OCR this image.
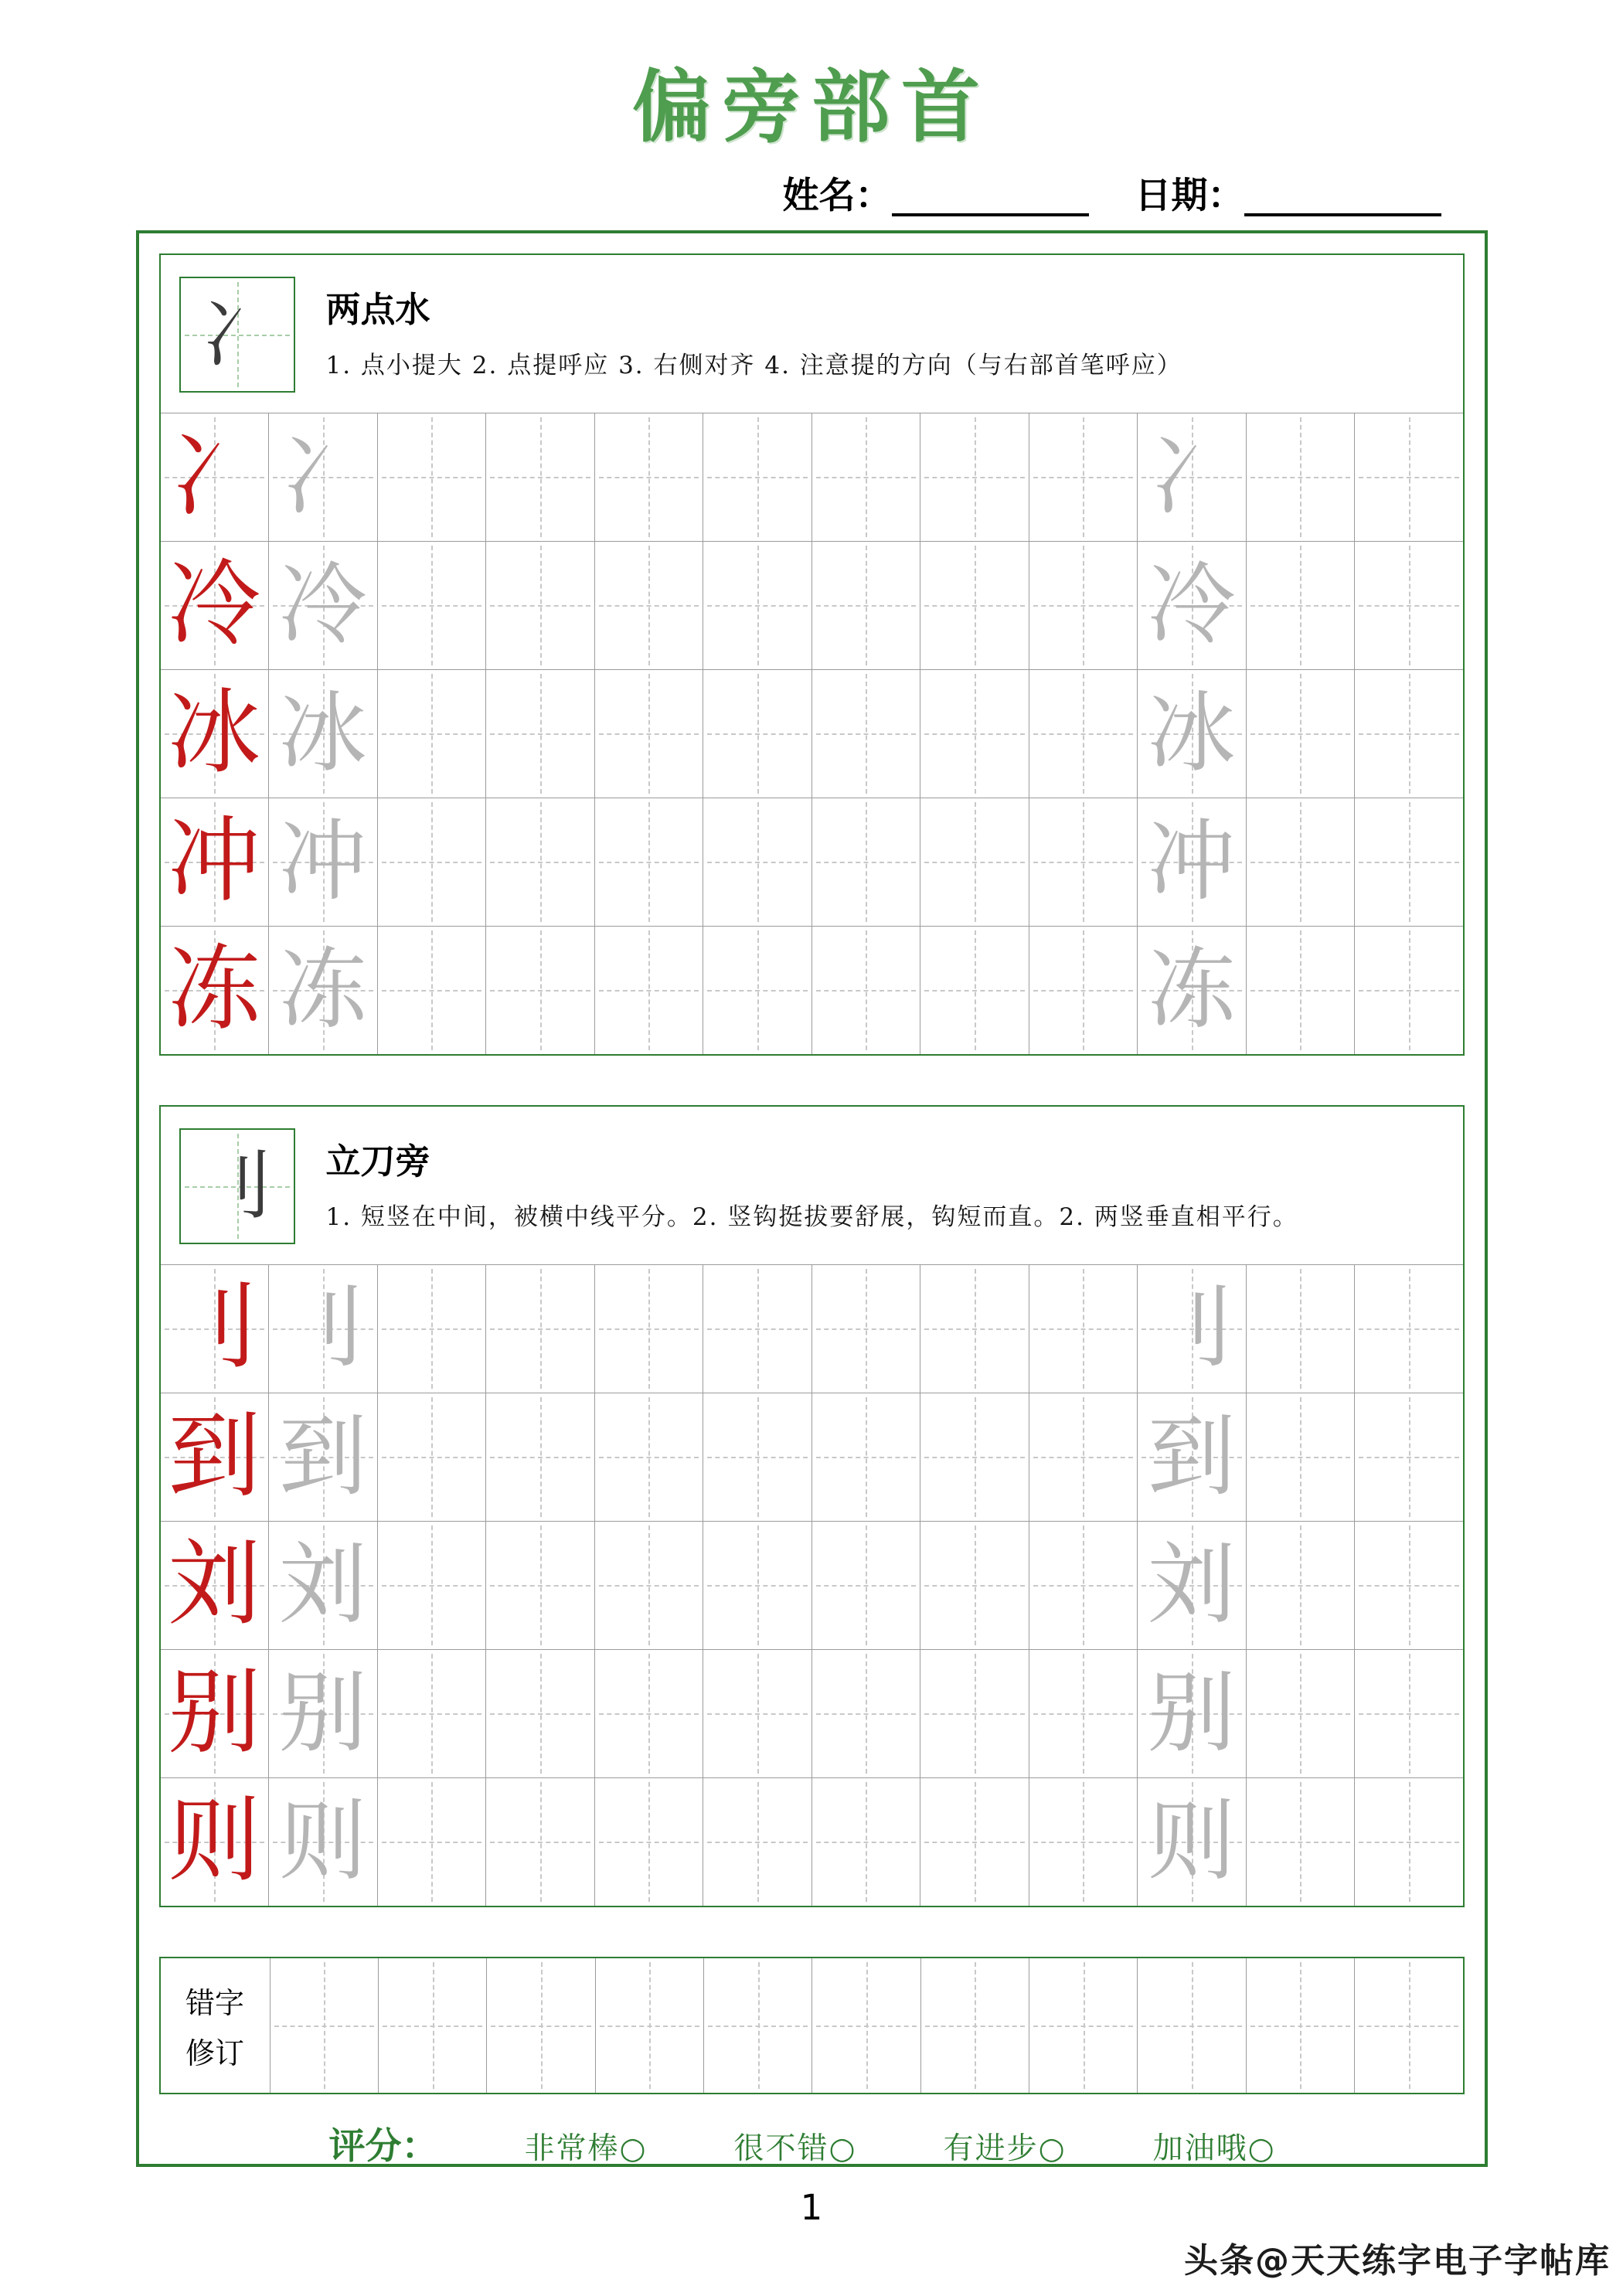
偏旁部首
姓名：	日期：
冫 两点水
1. 点小提大 2. 点提呼应 3. 右侧对齐 4. 注意提的方向（与右部首笔呼应）
冫 冫	冫
冷 冷	冷
冰 冰	冰
冲 冲	冲
冻 冻	冻
刂 立刀旁
1. 短竖在中间，被横中线平分。2. 竖钩挺拔要舒展，钩短而直。2. 两竖垂直相平行。
刂 刂	刂
到 到	到
刘 刘	刘
别 别	别
则 则	则
错字
修订
评分：	非常棒○	很不错○	有进步○	加油哦○
1
头条@天天练字电子字帖库
